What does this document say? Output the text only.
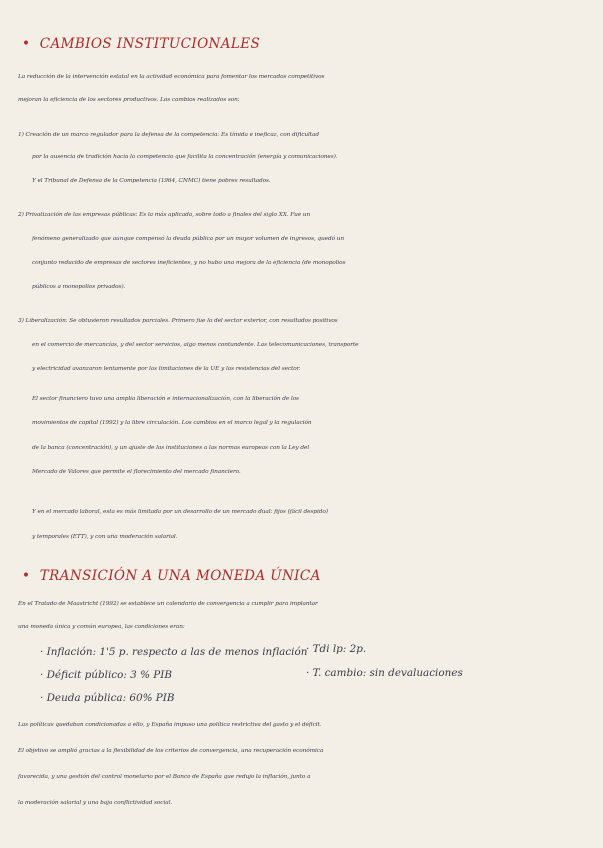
•  CAMBIOS INSTITUCIONALES
La reducción de la intervención estatal en la actividad económica para fomentar los mercados competitivos
mejoran la eficiencia de los sectores productivos. Los cambios realizados son:
1) Creación de un marco regulador para la defensa de la competencia: Es tímida e ineficaz, con dificultad
por la ausencia de tradición hacia la competencia que facilita la concentración (energía y comunicaciones).
Y el Tribunal de Defensa de la Competencia (1964, CNMC) tiene pobres resultados.
2) Privatización de las empresas públicas: Es la más aplicada, sobre todo a finales del siglo XX. Fue un
fenómeno generalizado que aunque compensó la deuda pública por un mayor volumen de ingresos, quedó un
conjunto reducido de empresas de sectores ineficientes, y no hubo una mejora de la eficiencia (de monopolios
públicos a monopolios privados).
3) Liberalización: Se obtuvieron resultados parciales. Primero fue la del sector exterior, con resultados positivos
en el comercio de mercancías, y del sector servicios, algo menos contundente. Las telecomunicaciones, transporte
y electricidad avanzaron lentamente por las limitaciones de la UE y las resistencias del sector.
El sector financiero tuvo una amplia liberación e internacionalización, con la liberación de los
movimientos de capital (1992) y la libre circulación. Los cambios en el marco legal y la regulación
de la banca (concentración), y un ajuste de las instituciones a las normas europeas con la Ley del
Mercado de Valores que permite el florecimiento del mercado financiero.
Y en el mercado laboral, esta es más limitada por un desarrollo de un mercado dual: fijos (fácil despido)
y temporales (ETT), y con una moderación salarial.
•  TRANSICIÓN A UNA MONEDA ÚNICA
En el Tratado de Maastricht (1992) se establece un calendario de convergencia a cumplir para implantar
una moneda única y común europea, las condiciones eran:
· Inflación: 1'5 p. respecto a las de menos inflación
· Déficit público: 3 % PIB
· Deuda pública: 60% PIB
· Tdi lp: 2p.
· T. cambio: sin devaluaciones
Las políticas quedaban condicionadas a ello, y España impuso una política restrictiva del gasto y el déficit.
El objetivo se amplió gracias a la flexibilidad de los criterios de convergencia, una recuperación económica
favorecida, y una gestión del control monetario por el Banco de España que redujo la inflación, junto a
la moderación salarial y una baja conflictividad social.
